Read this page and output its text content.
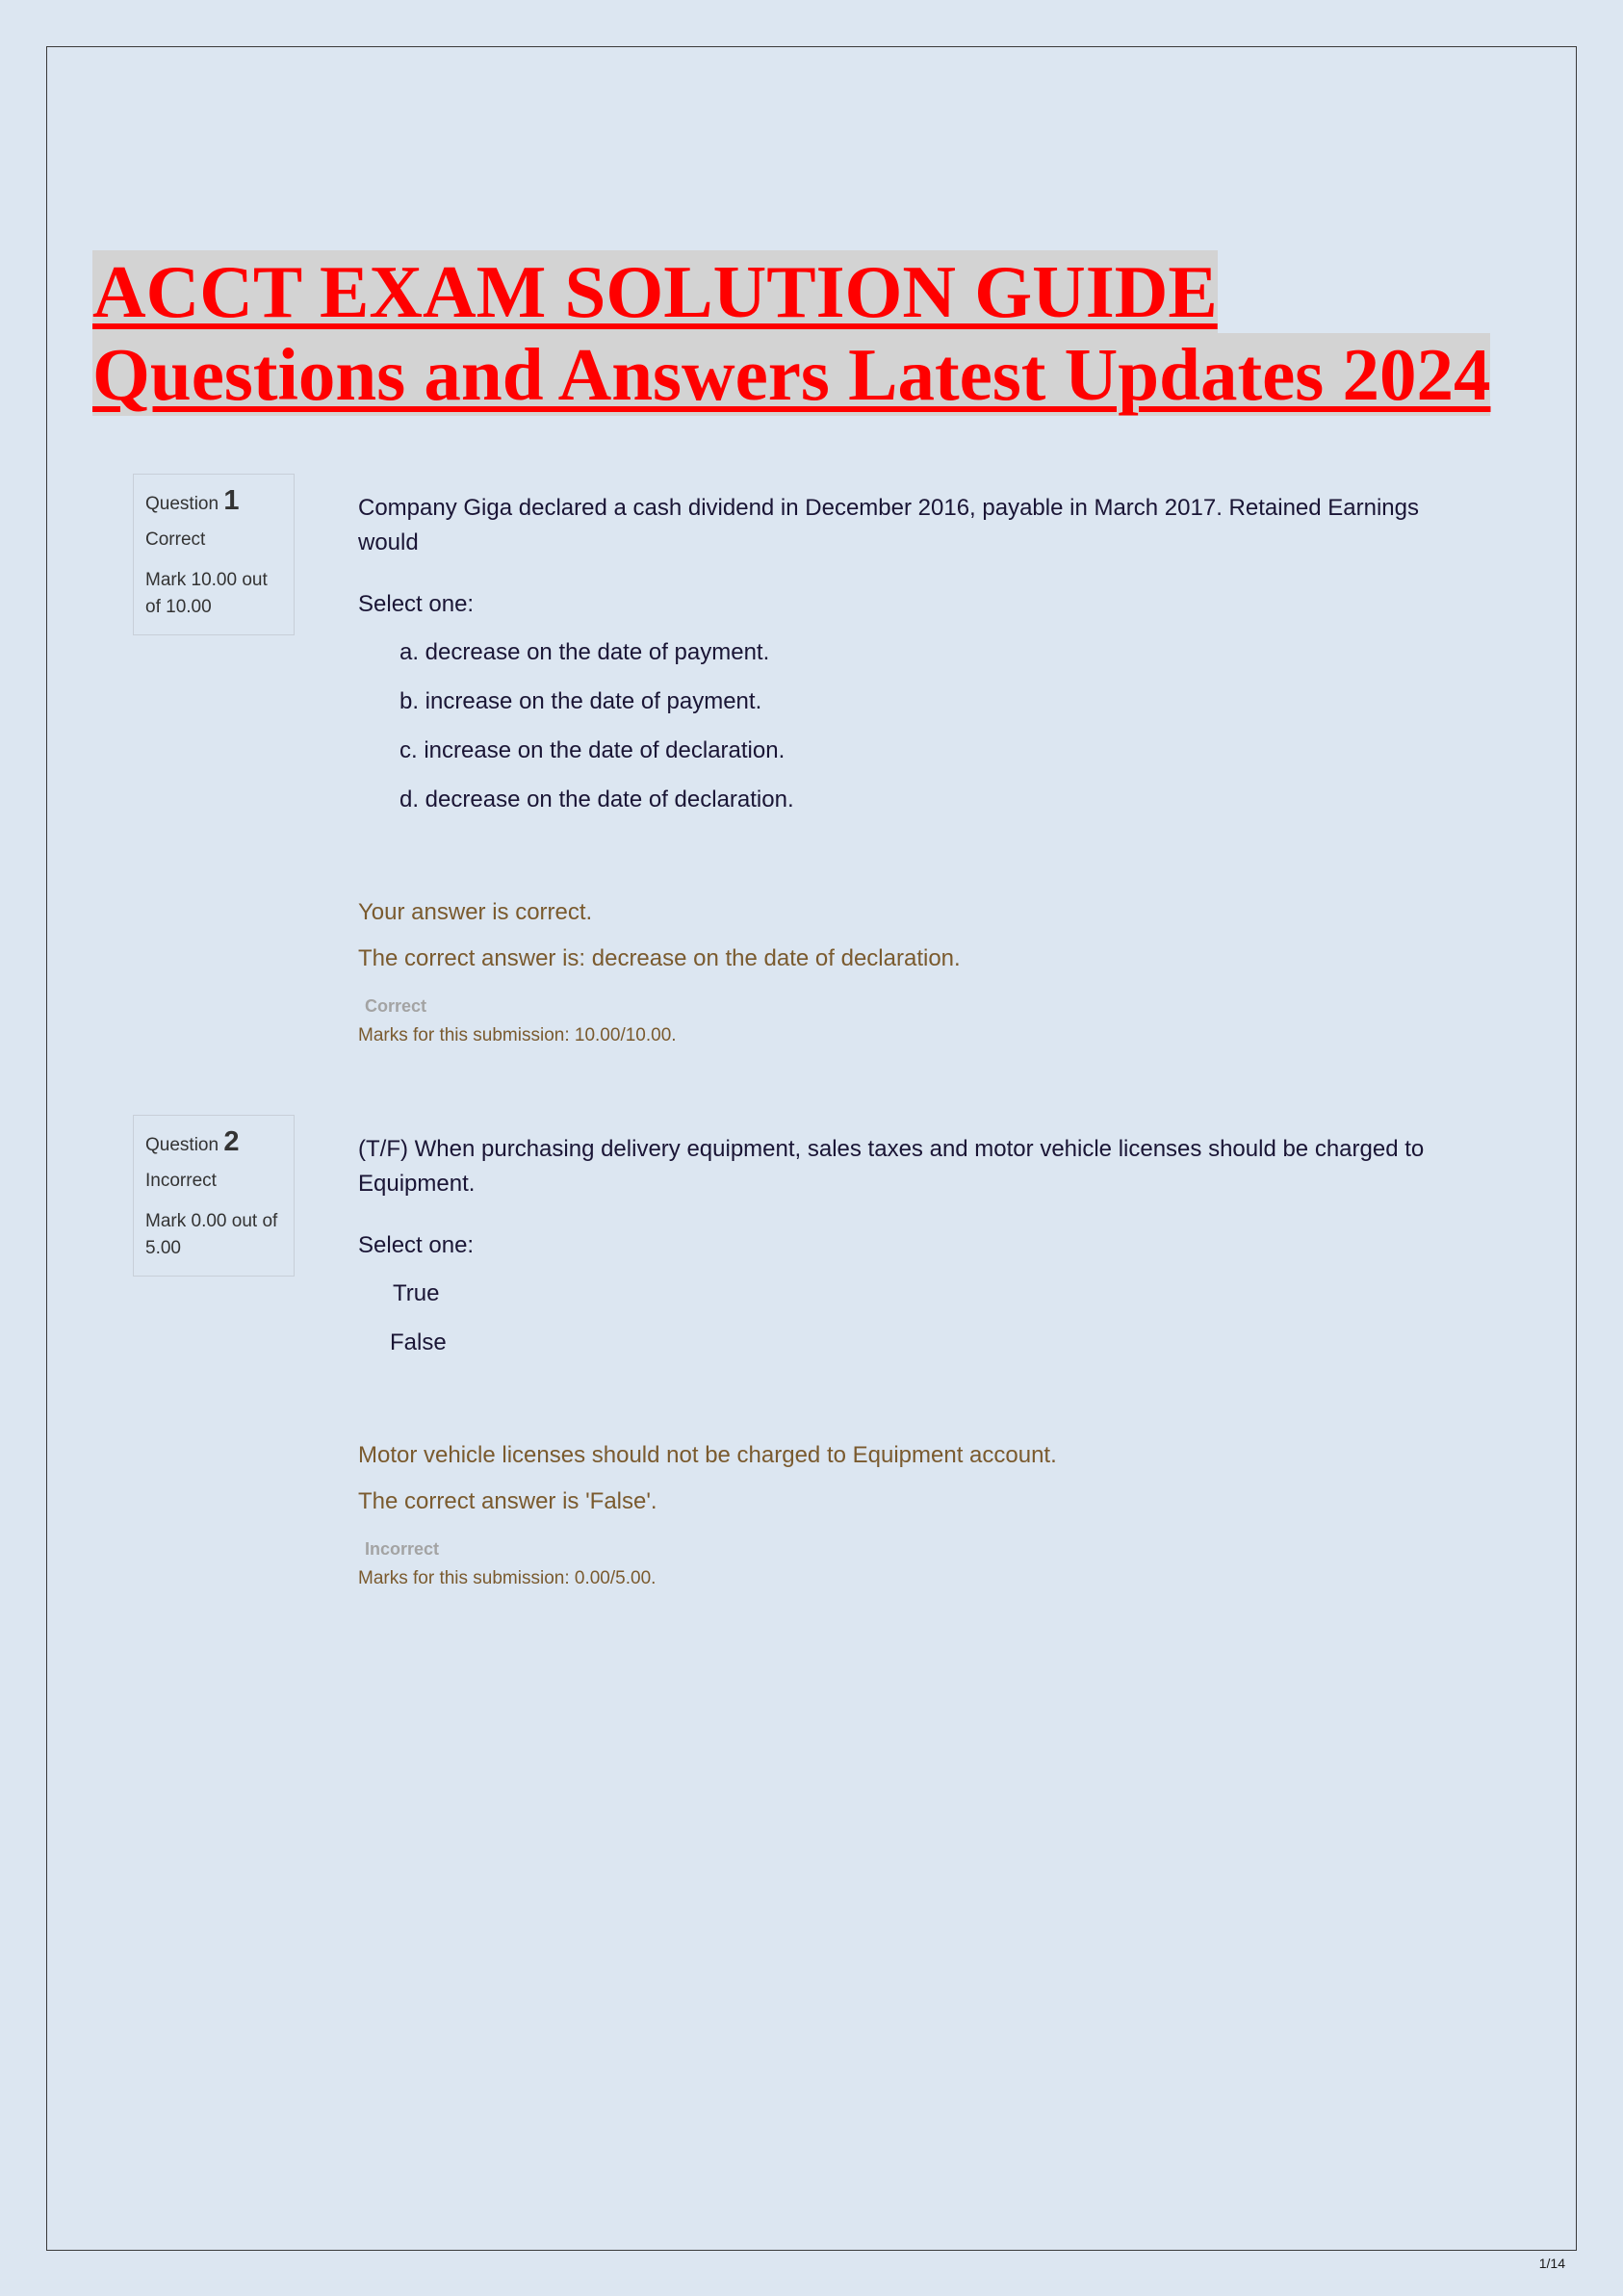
ACCT EXAM SOLUTION GUIDE Questions and Answers Latest Updates 2024
Question 1
Correct
Mark 10.00 out of 10.00
Company Giga declared a cash dividend in December 2016, payable in March 2017. Retained Earnings would
Select one:
a. decrease on the date of payment.
b. increase on the date of payment.
c. increase on the date of declaration.
d. decrease on the date of declaration.
Your answer is correct.
The correct answer is: decrease on the date of declaration.
Correct
Marks for this submission: 10.00/10.00.
Question 2
Incorrect
Mark 0.00 out of 5.00
(T/F) When purchasing delivery equipment, sales taxes and motor vehicle licenses should be charged to Equipment.
Select one:
True
False
Motor vehicle licenses should not be charged to Equipment account.
The correct answer is 'False'.
Incorrect
Marks for this submission: 0.00/5.00.
1/14
